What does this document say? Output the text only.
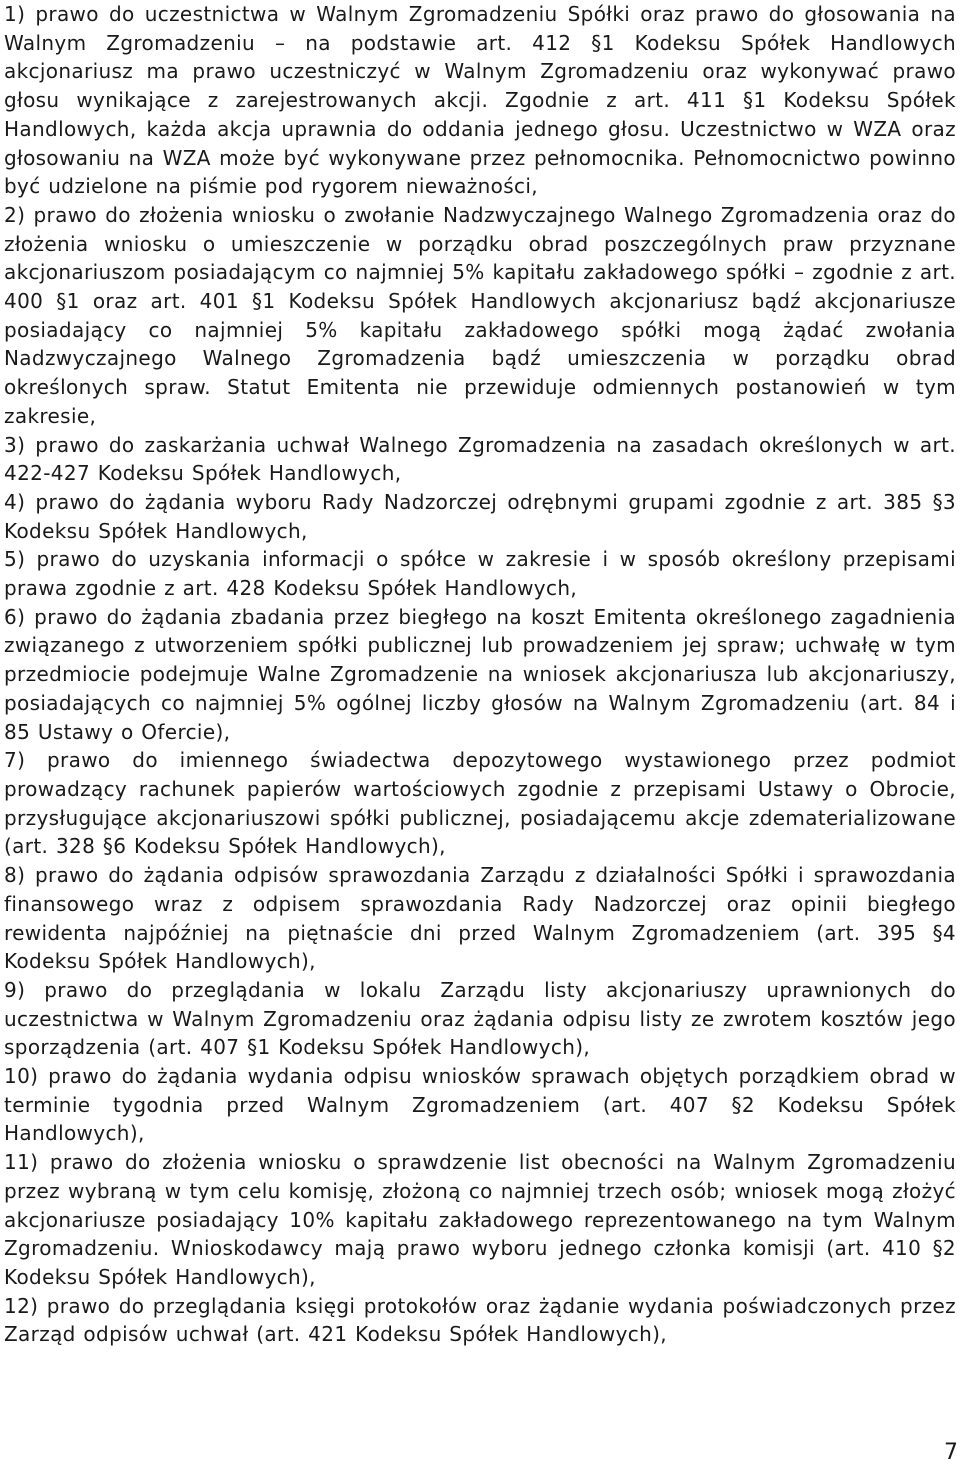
1) prawo do uczestnictwa w Walnym Zgromadzeniu Spółki oraz prawo do głosowania na Walnym Zgromadzeniu – na podstawie art. 412 §1 Kodeksu Spółek Handlowych akcjonariusz ma prawo uczestniczyć w Walnym Zgromadzeniu oraz wykonywać prawo głosu wynikające z zarejestrowanych akcji. Zgodnie z art. 411 §1 Kodeksu Spółek Handlowych, każda akcja uprawnia do oddania jednego głosu. Uczestnictwo w WZA oraz głosowaniu na WZA może być wykonywane przez pełnomocnika. Pełnomocnictwo powinno być udzielone na piśmie pod rygorem nieważności,

2) prawo do złożenia wniosku o zwołanie Nadzwyczajnego Walnego Zgromadzenia oraz do złożenia wniosku o umieszczenie w porządku obrad poszczególnych praw przyznane akcjonariuszom posiadającym co najmniej 5% kapitału zakładowego spółki – zgodnie z art. 400 §1 oraz art. 401 §1 Kodeksu Spółek Handlowych akcjonariusz bądź akcjonariusze posiadający co najmniej 5% kapitału zakładowego spółki mogą żądać zwołania Nadzwyczajnego Walnego Zgromadzenia bądź umieszczenia w porządku obrad określonych spraw. Statut Emitenta nie przewiduje odmiennych postanowień w tym zakresie,

3) prawo do zaskarżania uchwał Walnego Zgromadzenia na zasadach określonych w art. 422-427 Kodeksu Spółek Handlowych,

4) prawo do żądania wyboru Rady Nadzorczej odrębnymi grupami zgodnie z art. 385 §3 Kodeksu Spółek Handlowych,

5) prawo do uzyskania informacji o spółce w zakresie i w sposób określony przepisami prawa zgodnie z art. 428 Kodeksu Spółek Handlowych,

6) prawo do żądania zbadania przez biegłego na koszt Emitenta określonego zagadnienia związanego z utworzeniem spółki publicznej lub prowadzeniem jej spraw; uchwałę w tym przedmiocie podejmuje Walne Zgromadzenie na wniosek akcjonariusza lub akcjonariuszy, posiadających co najmniej 5% ogólnej liczby głosów na Walnym Zgromadzeniu (art. 84 i 85 Ustawy o Ofercie),

7) prawo do imiennego świadectwa depozytowego wystawionego przez podmiot prowadzący rachunek papierów wartościowych zgodnie z przepisami Ustawy o Obrocie, przysługujące akcjonariuszowi spółki publicznej, posiadającemu akcje zdematerializowane (art. 328 §6 Kodeksu Spółek Handlowych),

8) prawo do żądania odpisów sprawozdania Zarządu z działalności Spółki i sprawozdania finansowego wraz z odpisem sprawozdania Rady Nadzorczej oraz opinii biegłego rewidenta najpóźniej na piętnaście dni przed Walnym Zgromadzeniem (art. 395 §4 Kodeksu Spółek Handlowych),

9) prawo do przeglądania w lokalu Zarządu listy akcjonariuszy uprawnionych do uczestnictwa w Walnym Zgromadzeniu oraz żądania odpisu listy ze zwrotem kosztów jego sporządzenia (art. 407 §1 Kodeksu Spółek Handlowych),

10) prawo do żądania wydania odpisu wniosków sprawach objętych porządkiem obrad w terminie tygodnia przed Walnym Zgromadzeniem (art. 407 §2 Kodeksu Spółek Handlowych),

11) prawo do złożenia wniosku o sprawdzenie list obecności na Walnym Zgromadzeniu przez wybraną w tym celu komisję, złożoną co najmniej trzech osób; wniosek mogą złożyć akcjonariusze posiadający 10% kapitału zakładowego reprezentowanego na tym Walnym Zgromadzeniu. Wnioskodawcy mają prawo wyboru jednego członka komisji (art. 410 §2 Kodeksu Spółek Handlowych),

12) prawo do przeglądania księgi protokołów oraz żądanie wydania poświadczonych przez Zarząd odpisów uchwał (art. 421 Kodeksu Spółek Handlowych),

7
